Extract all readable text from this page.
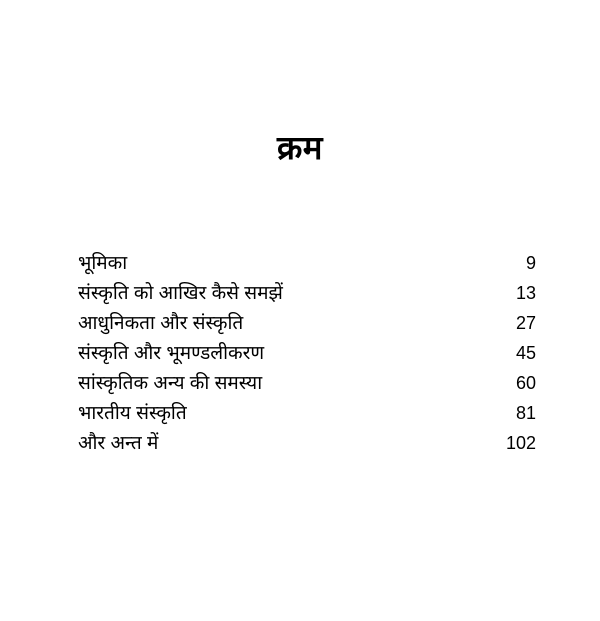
क्रम
भूमिका	9
संस्कृति को आखिर कैसे समझें	13
आधुनिकता और संस्कृति	27
संस्कृति और भूमण्डलीकरण	45
सांस्कृतिक अन्य की समस्या	60
भारतीय संस्कृति	81
और अन्त में	102
